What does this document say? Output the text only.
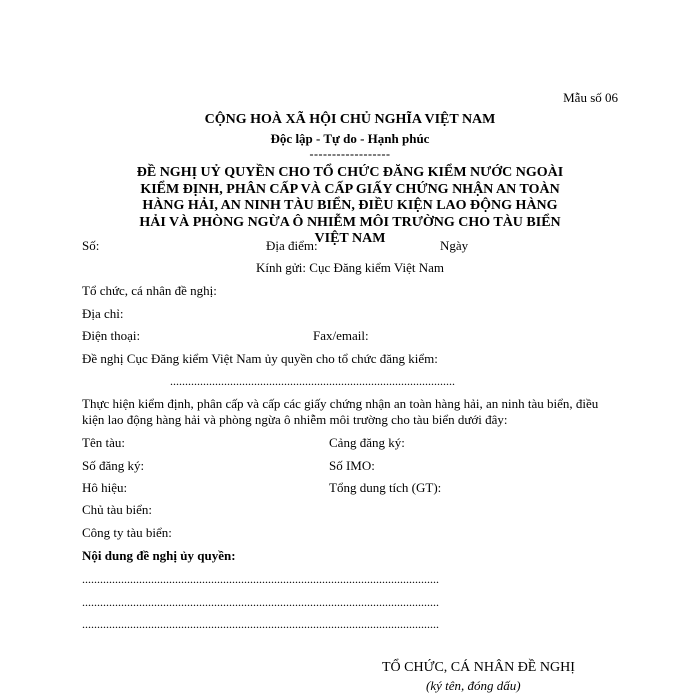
Mẫu số 06
CỘNG HOÀ XÃ HỘI CHỦ NGHĨA VIỆT NAM
Độc lập - Tự do - Hạnh phúc
------------------
ĐỀ NGHỊ UỶ QUYỀN CHO TỔ CHỨC ĐĂNG KIỂM NƯỚC NGOÀI KIỂM ĐỊNH, PHÂN CẤP VÀ CẤP GIẤY CHỨNG NHẬN AN TOÀN HÀNG HẢI, AN NINH TÀU BIỂN, ĐIỀU KIỆN LAO ĐỘNG HÀNG HẢI VÀ PHÒNG NGỪA Ô NHIỄM MÔI TRƯỜNG CHO TÀU BIỂN VIỆT NAM
Số:	Địa điểm:	Ngày
Kính gửi: Cục Đăng kiểm Việt Nam
Tổ chức, cá nhân đề nghị:
Địa chỉ:
Điện thoại:	Fax/email:
Đề nghị Cục Đăng kiểm Việt Nam ủy quyền cho tổ chức đăng kiểm:
...............................................................................................
Thực hiện kiểm định, phân cấp và cấp các giấy chứng nhận an toàn hàng hải, an ninh tàu biển, điều kiện lao động hàng hải và phòng ngừa ô nhiễm môi trường cho tàu biển dưới đây:
Tên tàu:	Cảng đăng ký:
Số đăng ký:	Số IMO:
Hô hiệu:	Tổng dung tích (GT):
Chủ tàu biển:
Công ty tàu biển:
Nội dung đề nghị ủy quyền:
.......................................................................................................................
.......................................................................................................................
.......................................................................................................................
TỔ CHỨC, CÁ NHÂN ĐỀ NGHỊ
(ký tên, đóng dấu)
